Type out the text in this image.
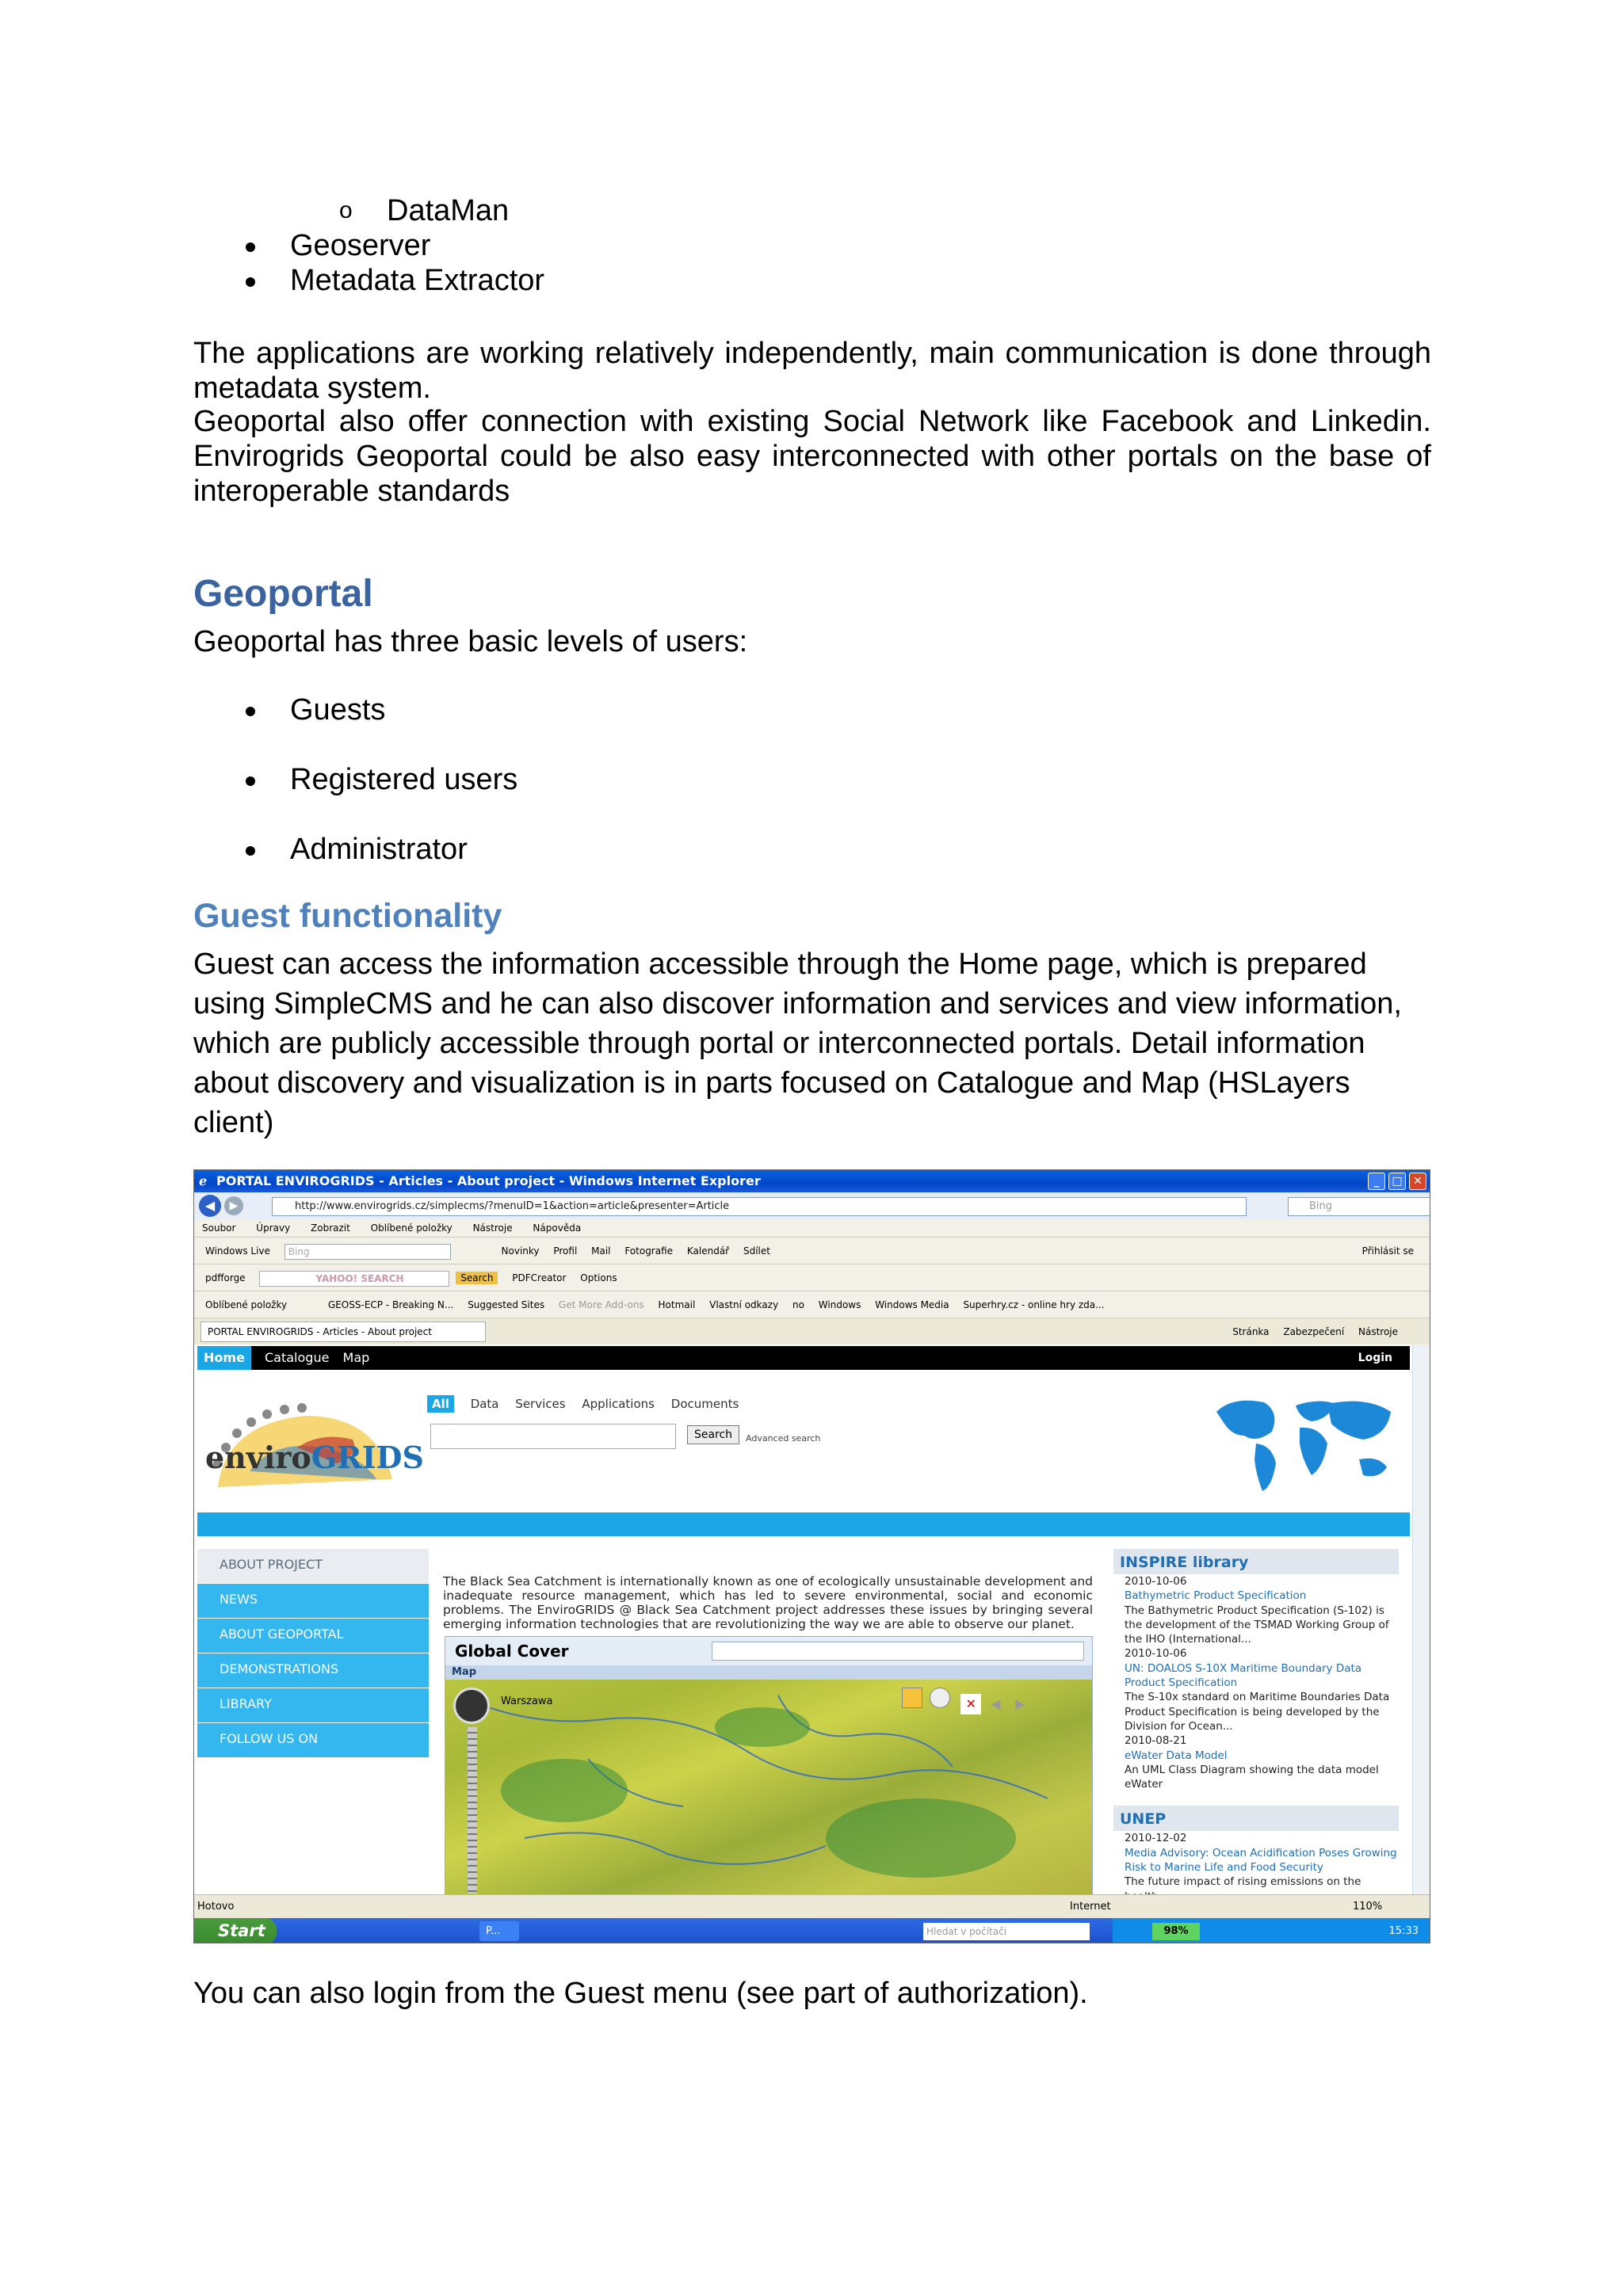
o DataMan
Geoserver
Metadata Extractor
The applications are working relatively independently, main communication is done through metadata system.
Geoportal also offer connection with existing Social Network like Facebook and Linkedin. Envirogrids Geoportal could be also easy interconnected with other portals on the base of interoperable standards
Geoportal
Geoportal has three basic levels of users:
Guests
Registered users
Administrator
Guest functionality
Guest can access the information accessible through the Home page, which is prepared using SimpleCMS and he can also discover information and services and view information, which are publicly accessible through portal or interconnected portals. Detail information about discovery and visualization is in parts focused on Catalogue and Map (HSLayers client)
ℯ PORTAL ENVIROGRIDS - Articles - About project - Windows Internet Explorer	_	□ ✕
◀	▶	http://www.envirogrids.cz/simplecms/?menuID=1&action=article&presenter=Article	Bing
Soubor Úpravy Zobrazit Oblíbené položky Nástroje Nápověda
Windows Live Bing	Novinky Profil Mail Fotografie Kalendář Sdílet	Přihlásit se
pdfforge	YAHOO! SEARCH	Search PDFCreator Options
Oblíbené položky	GEOSS-ECP - Breaking N... Suggested Sites Get More Add-ons Hotmail Vlastní odkazy no Windows Windows Media Superhry.cz - online hry zda...
PORTAL ENVIROGRIDS - Articles - About project	Stránka Zabezpečení Nástroje
Home Catalogue Map	Login
enviroGRIDS
All Data Services Applications Documents
Search	Advanced search
ABOUT PROJECT
NEWS
ABOUT GEOPORTAL
DEMONSTRATIONS
LIBRARY
FOLLOW US ON
The Black Sea Catchment is internationally known as one of ecologically unsustainable development and inadequate resource management, which has led to severe environmental, social and economic problems. The EnviroGRIDS @ Black Sea Catchment project addresses these issues by bringing several emerging information technologies that are revolutionizing the way we are able to observe our planet.
Global Cover
Map
Warszawa	✕ ◀ ▶
INSPIRE library

2010-10-06

Bathymetric Product Specification

The Bathymetric Product Specification (S-102) is the development of the TSMAD Working Group of the IHO (International...

2010-10-06

UN: DOALOS S-10X Maritime Boundary Data Product Specification

The S-10x standard on Maritime Boundaries Data Product Specification is being developed by the Division for Ocean...

2010-08-21

eWater Data Model

An UML Class Diagram showing the data model eWater

UNEP

2010-12-02

Media Advisory: Ocean Acidification Poses Growing Risk to Marine Life and Food Security

The future impact of rising emissions on the

Hotovo	Internet	110%
Start	P...	Hledat v počítači	98%	15:33
You can also login from the Guest menu (see part of authorization).
